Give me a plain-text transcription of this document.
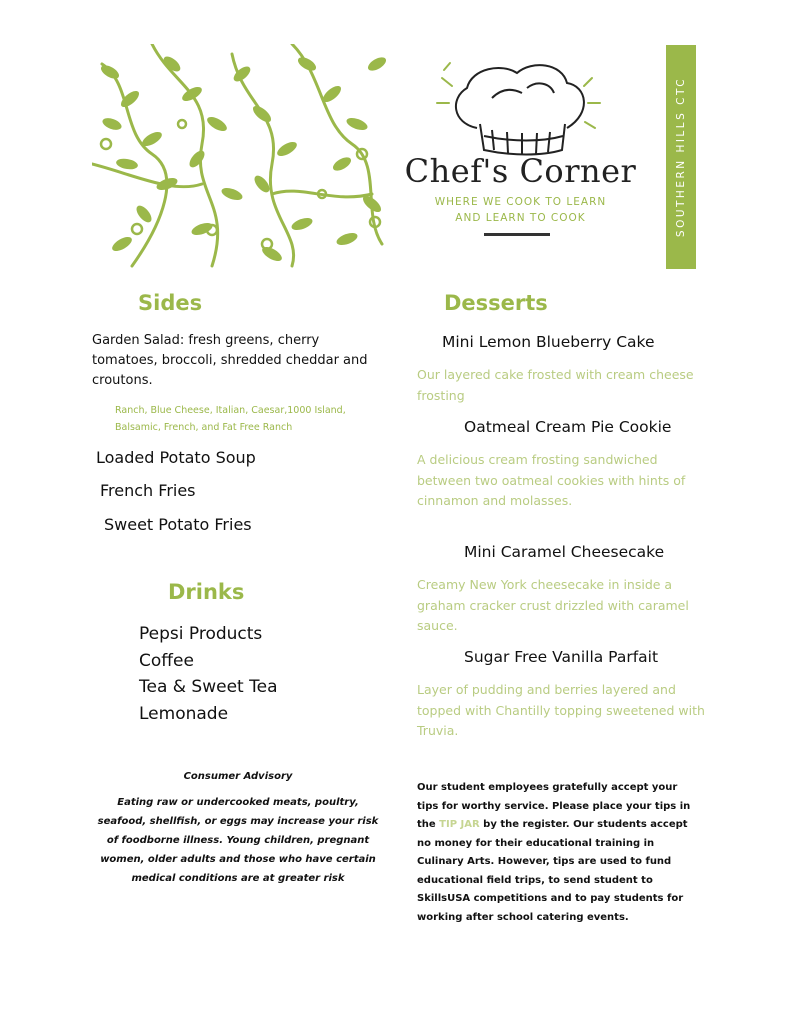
Chef's Corner
WHERE WE COOK TO LEARN
AND LEARN TO COOK	SOUTHERN HILLS CTC
Sides
Garden Salad: fresh greens, cherry tomatoes, broccoli, shredded cheddar and croutons.
Ranch, Blue Cheese, Italian, Caesar,1000 Island, Balsamic, French, and Fat Free Ranch
Loaded Potato Soup
French Fries
Sweet Potato Fries
Drinks
Pepsi Products
Coffee
Tea & Sweet Tea
Lemonade
Desserts
Mini Lemon Blueberry Cake
Our layered cake frosted with cream cheese frosting
Oatmeal Cream Pie Cookie
A delicious cream frosting sandwiched between two oatmeal cookies with hints of cinnamon and molasses.
Mini Caramel Cheesecake
Creamy New York cheesecake in inside a graham cracker crust drizzled with caramel sauce.
Sugar Free Vanilla Parfait
Layer of pudding and berries layered and topped with Chantilly topping sweetened with Truvia.
Consumer Advisory
Eating raw or undercooked meats, poultry, seafood, shellfish, or eggs may increase your risk of foodborne illness. Young children, pregnant women, older adults and those who have certain medical conditions are at greater risk
Our student employees gratefully accept your tips for worthy service. Please place your tips in the TIP JAR by the register. Our students accept no money for their educational training in Culinary Arts. However, tips are used to fund educational field trips, to send student to SkillsUSA competitions and to pay students for working after school catering events.
